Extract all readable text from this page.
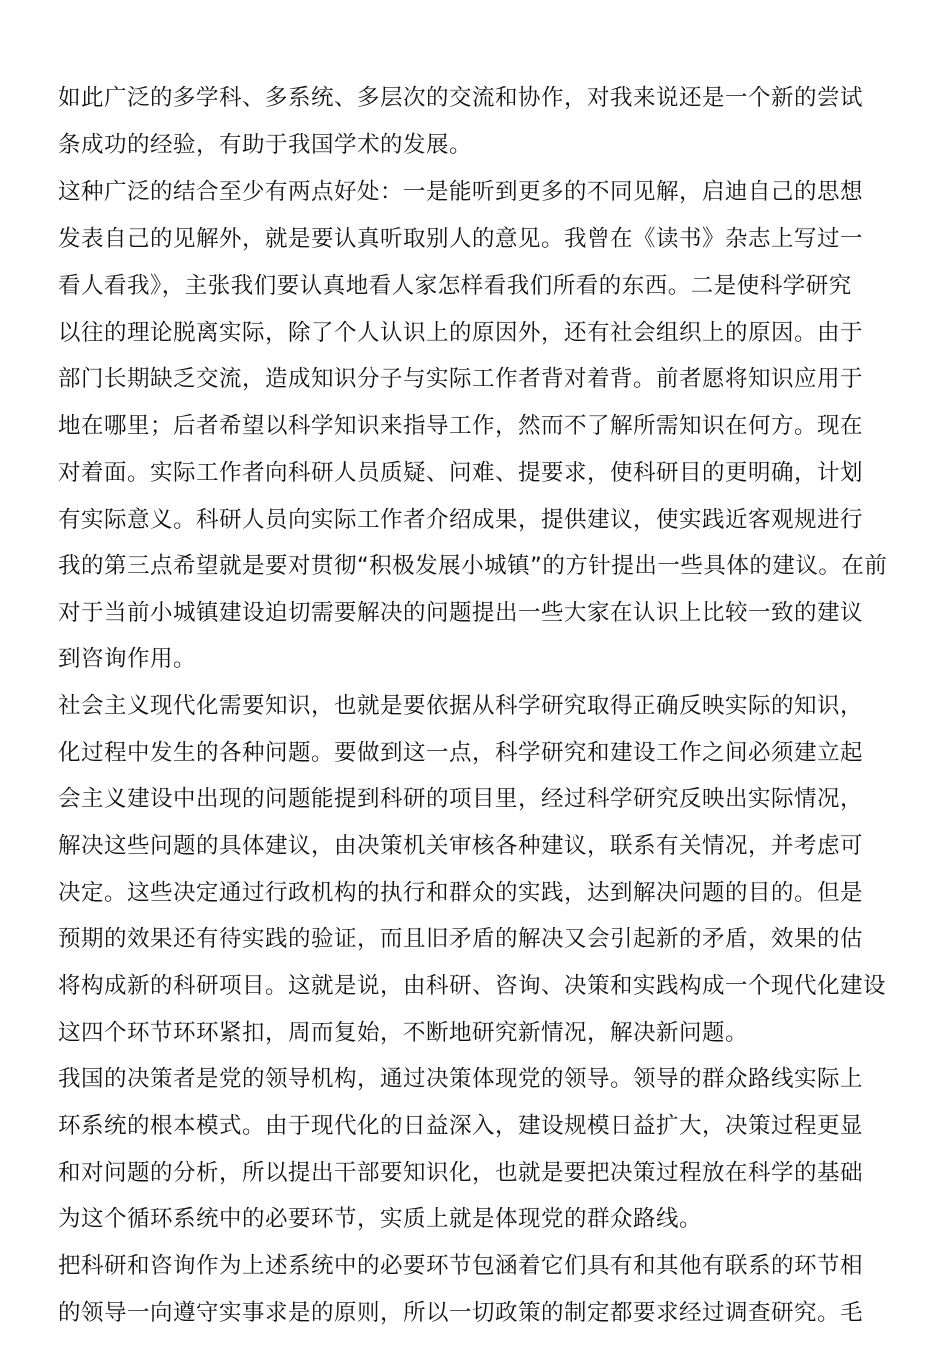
如此广泛的多学科、多系统、多层次的交流和协作，对我来说还是一个新的尝试
条成功的经验，有助于我国学术的发展。
这种广泛的结合至少有两点好处：一是能听到更多的不同见解，启迪自己的思想
发表自己的见解外，就是要认真听取别人的意见。我曾在《读书》杂志上写过一
看人看我》，主张我们要认真地看人家怎样看我们所看的东西。二是使科学研究
以往的理论脱离实际，除了个人认识上的原因外，还有社会组织上的原因。由于
部门长期缺乏交流，造成知识分子与实际工作者背对着背。前者愿将知识应用于
地在哪里；后者希望以科学知识来指导工作，然而不了解所需知识在何方。现在
对着面。实际工作者向科研人员质疑、问难、提要求，使科研目的更明确，计划
有实际意义。科研人员向实际工作者介绍成果，提供建议，使实践近客观规进行
我的第三点希望就是要对贯彻“积极发展小城镇”的方针提出一些具体的建议。在前
对于当前小城镇建设迫切需要解决的问题提出一些大家在认识上比较一致的建议
到咨询作用。
社会主义现代化需要知识，也就是要依据从科学研究取得正确反映实际的知识，
化过程中发生的各种问题。要做到这一点，科学研究和建设工作之间必须建立起
会主义建设中出现的问题能提到科研的项目里，经过科学研究反映出实际情况，
解决这些问题的具体建议，由决策机关审核各种建议，联系有关情况，并考虑可
决定。这些决定通过行政机构的执行和群众的实践，达到解决问题的目的。但是
预期的效果还有待实践的验证，而且旧矛盾的解决又会引起新的矛盾，效果的估
将构成新的科研项目。这就是说，由科研、咨询、决策和实践构成一个现代化建设
这四个环节环环紧扣，周而复始，不断地研究新情况，解决新问题。
我国的决策者是党的领导机构，通过决策体现党的领导。领导的群众路线实际上
环系统的根本模式。由于现代化的日益深入，建设规模日益扩大，决策过程更显
和对问题的分析，所以提出干部要知识化，也就是要把决策过程放在科学的基础
为这个循环系统中的必要环节，实质上就是体现党的群众路线。
把科研和咨询作为上述系统中的必要环节包涵着它们具有和其他有联系的环节相
的领导一向遵守实事求是的原则，所以一切政策的制定都要求经过调查研究。毛
